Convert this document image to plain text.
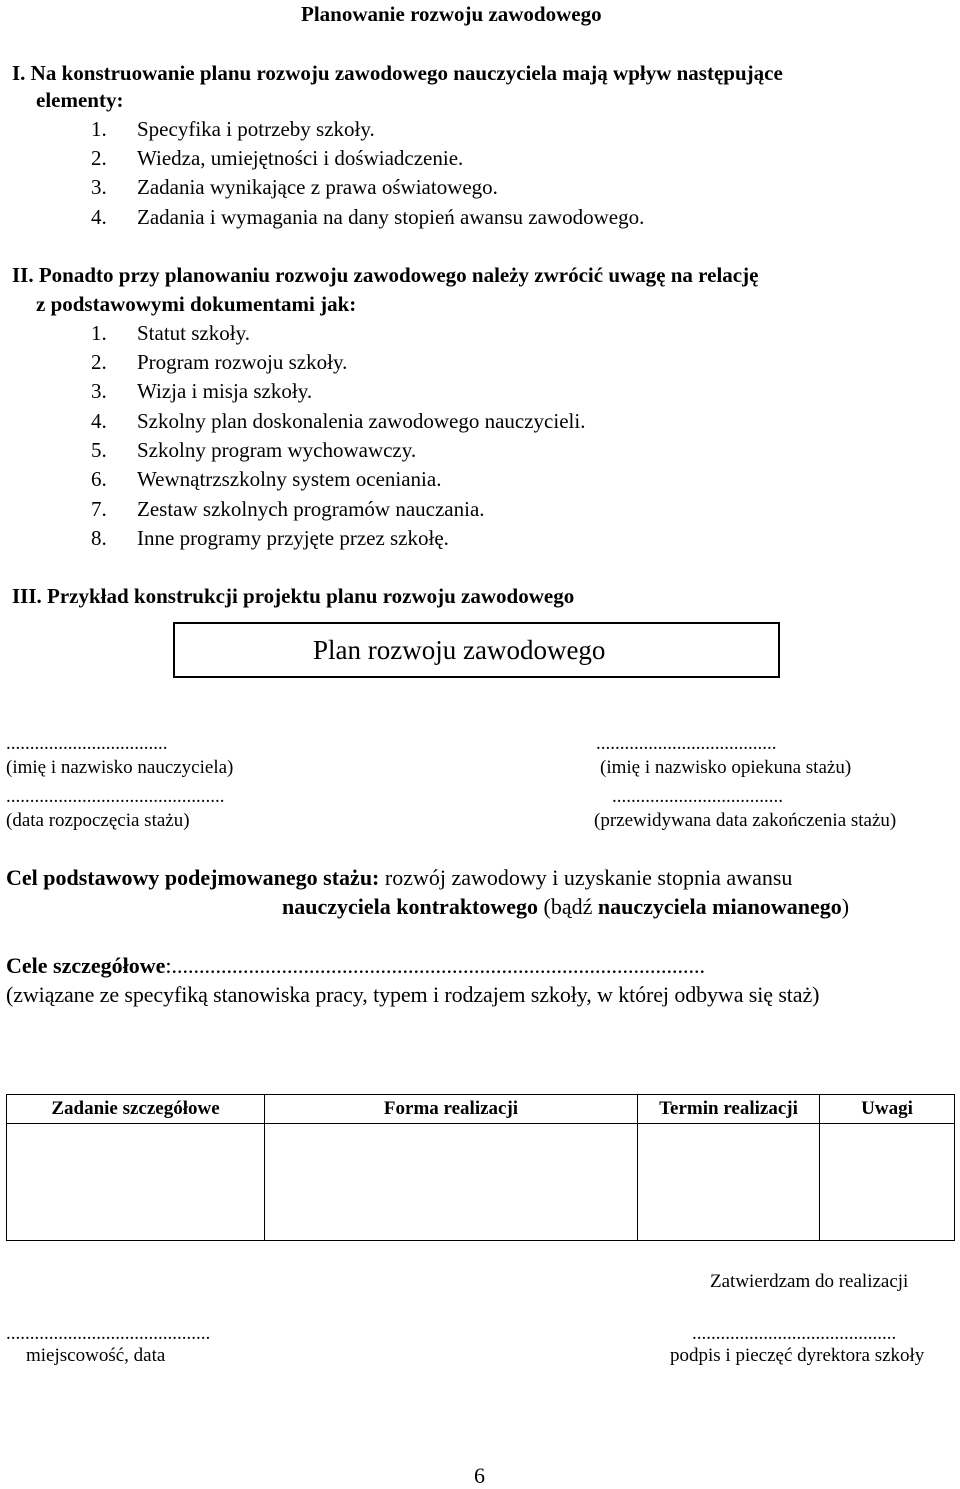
Planowanie rozwoju zawodowego
I. Na konstruowanie planu rozwoju zawodowego nauczyciela mają wpływ następujące
elementy:
1. Specyfika i potrzeby szkoły.
2. Wiedza, umiejętności i doświadczenie.
3. Zadania wynikające z prawa oświatowego.
4. Zadania i wymagania na dany stopień awansu zawodowego.
II. Ponadto przy planowaniu rozwoju zawodowego należy zwrócić uwagę na relację
z podstawowymi dokumentami jak:
1. Statut szkoły.
2. Program rozwoju szkoły.
3. Wizja i misja szkoły.
4. Szkolny plan doskonalenia zawodowego nauczycieli.
5. Szkolny program wychowawczy.
6. Wewnątrzszkolny system oceniania.
7. Zestaw szkolnych programów nauczania.
8. Inne programy przyjęte przez szkołę.
III. Przykład konstrukcji projektu planu rozwoju zawodowego
Plan rozwoju zawodowego
..................................
(imię i nazwisko nauczyciela)
......................................
(imię i nazwisko opiekuna stażu)
..............................................
(data rozpoczęcia stażu)
....................................
(przewidywana data zakończenia stażu)
Cel podstawowy podejmowanego stażu: rozwój zawodowy i uzyskanie stopnia awansu
nauczyciela kontraktowego (bądź nauczyciela mianowanego)
Cele szczegółowe:.................................................................................................
(związane ze specyfiką stanowiska pracy, typem i rodzajem szkoły, w której odbywa się staż)
Zadanie szczegółowe	Forma realizacji	Termin realizacji	Uwagi

Zatwierdzam do realizacji
...........................................
miejscowość, data
...........................................
podpis i pieczęć dyrektora szkoły
6
